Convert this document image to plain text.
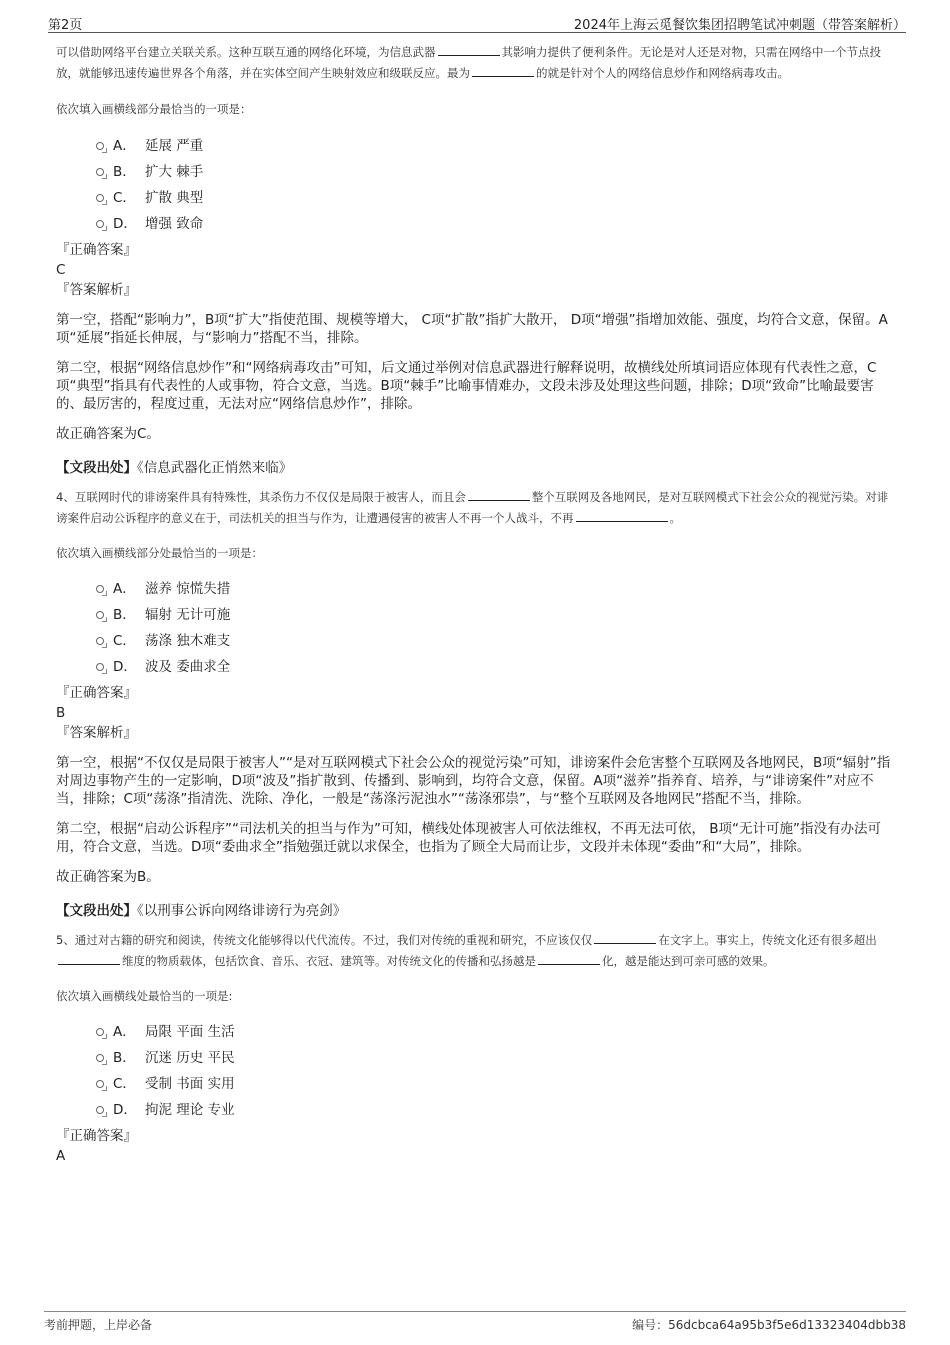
第2页	2024年上海云觅餐饮集团招聘笔试冲刺题（带答案解析）

可以借助网络平台建立关联关系。这种互联互通的网络化环境，为信息武器	其影响力提供了便利条件。无论是对人还是对物，只需在网络中一个节点投放，就能够迅速传遍世界各个角落，并在实体空间产生映射效应和级联反应。最为	的就是针对个人的网络信息炒作和网络病毒攻击。

依次填入画横线部分最恰当的一项是：

A． 延展 严重
B． 扩大 棘手
C． 扩散 典型
D． 增强 致命

『正确答案』

C

『答案解析』

第一空，搭配“影响力”，B项“扩大”指使范围、规模等增大， C项“扩散”指扩大散开， D项“增强”指增加效能、强度，均符合文意，保留。A项“延展”指延长伸展，与“影响力”搭配不当，排除。

第二空，根据“网络信息炒作”和“网络病毒攻击”可知，后文通过举例对信息武器进行解释说明，故横线处所填词语应体现有代表性之意，C项“典型”指具有代表性的人或事物，符合文意，当选。B项“棘手”比喻事情难办，文段未涉及处理这些问题，排除；D项“致命”比喻最要害的、最厉害的，程度过重，无法对应“网络信息炒作”，排除。

故正确答案为C。

【文段出处】《信息武器化正悄然来临》

4、互联网时代的诽谤案件具有特殊性，其杀伤力不仅仅是局限于被害人，而且会	整个互联网及各地网民，是对互联网模式下社会公众的视觉污染。对诽谤案件启动公诉程序的意义在于，司法机关的担当与作为，让遭遇侵害的被害人不再一个人战斗，不再	。

依次填入画横线部分处最恰当的一项是：

A． 滋养 惊慌失措
B． 辐射 无计可施
C． 荡涤 独木难支
D． 波及 委曲求全

『正确答案』

B

『答案解析』

第一空，根据“不仅仅是局限于被害人”“是对互联网模式下社会公众的视觉污染”可知，诽谤案件会危害整个互联网及各地网民，B项“辐射”指对周边事物产生的一定影响，D项“波及”指扩散到、传播到、影响到，均符合文意，保留。A项“滋养”指养育、培养，与“诽谤案件”对应不当，排除；C项“荡涤”指清洗、洗除、净化，一般是“荡涤污泥浊水”“荡涤邪祟”，与“整个互联网及各地网民”搭配不当，排除。

第二空，根据“启动公诉程序”“司法机关的担当与作为”可知，横线处体现被害人可依法维权，不再无法可依， B项“无计可施”指没有办法可用，符合文意，当选。D项“委曲求全”指勉强迁就以求保全，也指为了顾全大局而让步，文段并未体现“委曲”和“大局”，排除。

故正确答案为B。

【文段出处】《以刑事公诉向网络诽谤行为亮剑》

5、通过对古籍的研究和阅读，传统文化能够得以代代流传。不过，我们对传统的重视和研究，不应该仅仅	在文字上。事实上，传统文化还有很多超出维度的物质载体，包括饮食、音乐、衣冠、建筑等。对传统文化的传播和弘扬越是	化，越是能达到可亲可感的效果。

依次填入画横线处最恰当的一项是:

A． 局限 平面 生活
B． 沉迷 历史 平民
C． 受制 书面 实用
D． 拘泥 理论 专业

『正确答案』

A

考前押题，上岸必备	编号：56dcbca64a95b3f5e6d13323404dbb38
